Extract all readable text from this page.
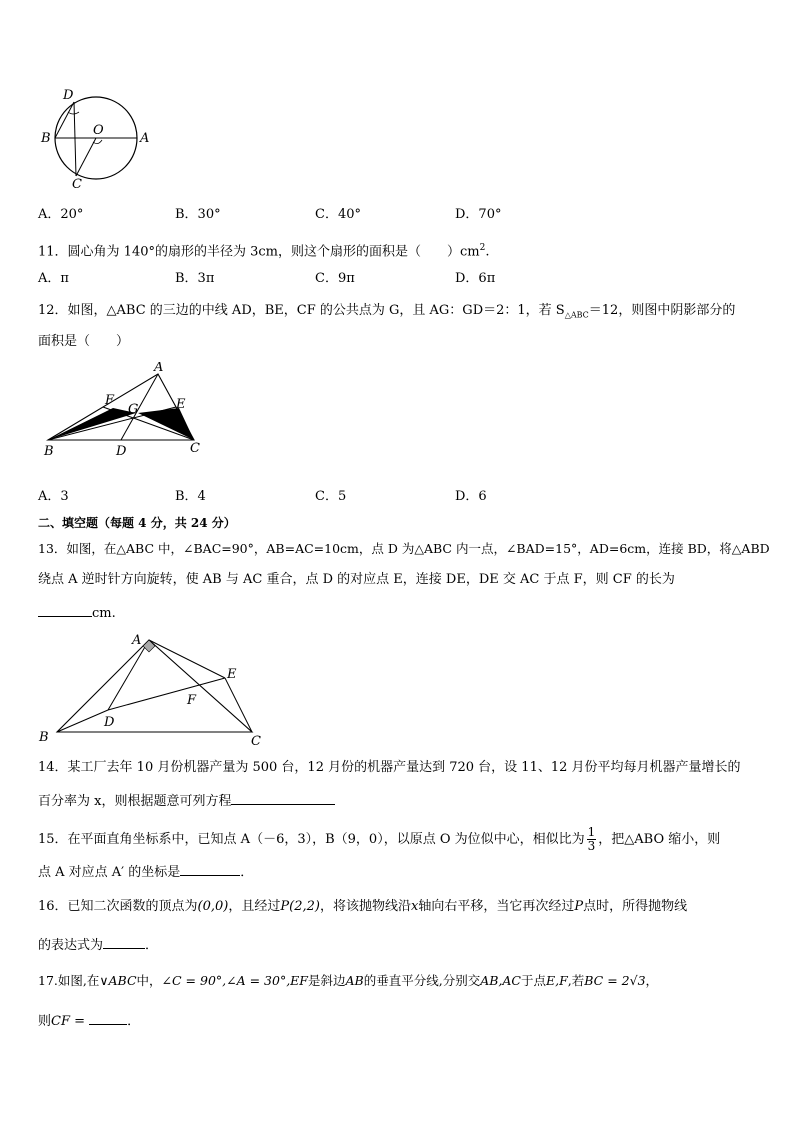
D
B
O
A
C
A．20°	B．30°	C．40°	D．70°
11．圆心角为 140°的扇形的半径为 3cm，则这个扇形的面积是（　　）$cm^2$.
A．π	B．3π	C．9π	D．6π
12．如图，△ABC 的三边的中线 AD，BE，CF 的公共点为 G，且 AG：GD＝2：1，若 $S_{\triangle ABC}=12$，则图中阴影部分的
面积是（　　）
A
F
G	E
B	D	C
A．3	B．4	C．5	D．6
二、填空题（每题 4 分，共 24 分）
13．如图，在△ABC 中，∠BAC=90°，AB=AC=10cm，点 D 为△ABC 内一点，∠BAD=15°，AD=6cm，连接 BD，将△ABD
绕点 A 逆时针方向旋转，使 AB 与 AC 重合，点 D 的对应点 E，连接 DE，DE 交 AC 于点 F，则 CF 的长为
cm.
A
E
F
D
B	C
14．某工厂去年 10 月份机器产量为 500 台，12 月份的机器产量达到 720 台，设 11、12 月份平均每月机器产量增长的
百分率为 x，则根据题意可列方程
15．在平面直角坐标系中，已知点 A（－6，3），B（9，0），以原点 O 为位似中心，相似比为 $\frac{1}{3}$ ，把△ABO 缩小，则
点 A 对应点 A′ 的坐标是	．
16．已知二次函数的顶点为(0,0)，且经过P(2,2)，将该抛物线沿x轴向右平移，当它再次经过P点时，所得抛物线
的表达式为	．
17.如图,在∨ABC中，∠C = 90°,∠A = 30°,EF是斜边AB的垂直平分线,分别交AB,AC于点E,F,若BC = 2√3，
则CF =	．
